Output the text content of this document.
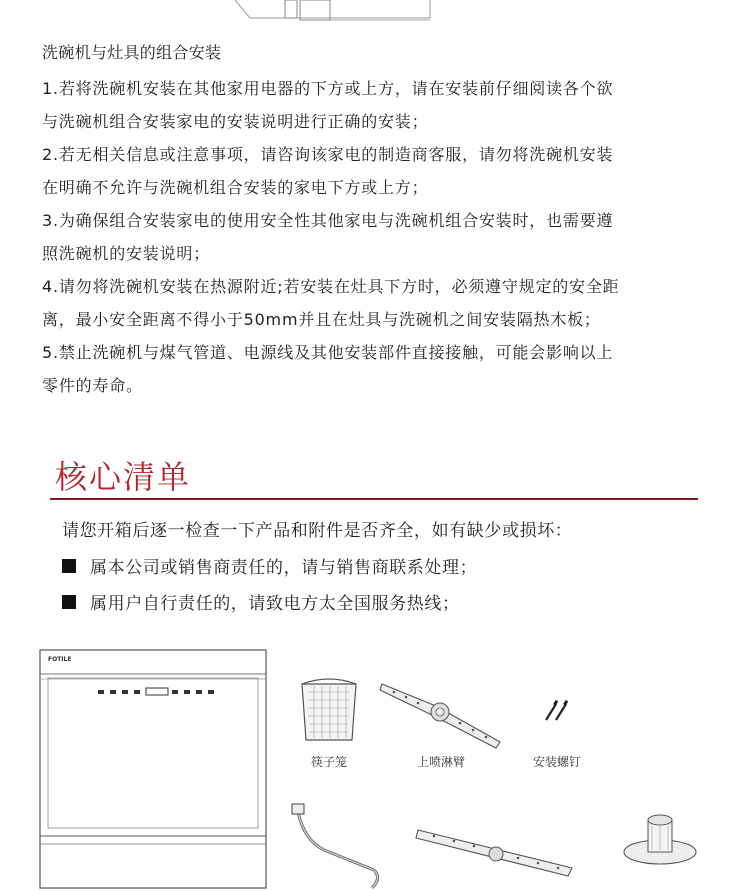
洗碗机与灶具的组合安装

1.若将洗碗机安装在其他家用电器的下方或上方，请在安装前仔细阅读各个欲

与洗碗机组合安装家电的安装说明进行正确的安装；

2.若无相关信息或注意事项，请咨询该家电的制造商客服，请勿将洗碗机安装

在明确不允许与洗碗机组合安装的家电下方或上方；

3.为确保组合安装家电的使用安全性其他家电与洗碗机组合安装时，也需要遵

照洗碗机的安装说明；

4.请勿将洗碗机安装在热源附近;若安装在灶具下方时，必须遵守规定的安全距

离，最小安全距离不得小于50mm并且在灶具与洗碗机之间安装隔热木板；

5.禁止洗碗机与煤气管道、电源线及其他安装部件直接接触，可能会影响以上

零件的寿命。

核心清单
请您开箱后逐一检查一下产品和附件是否齐全，如有缺少或损坏：
属本公司或销售商责任的，请与销售商联系处理；
属用户自行责任的，请致电方太全国服务热线；
FOTILE
筷子笼	上喷淋臂	安装螺钉
